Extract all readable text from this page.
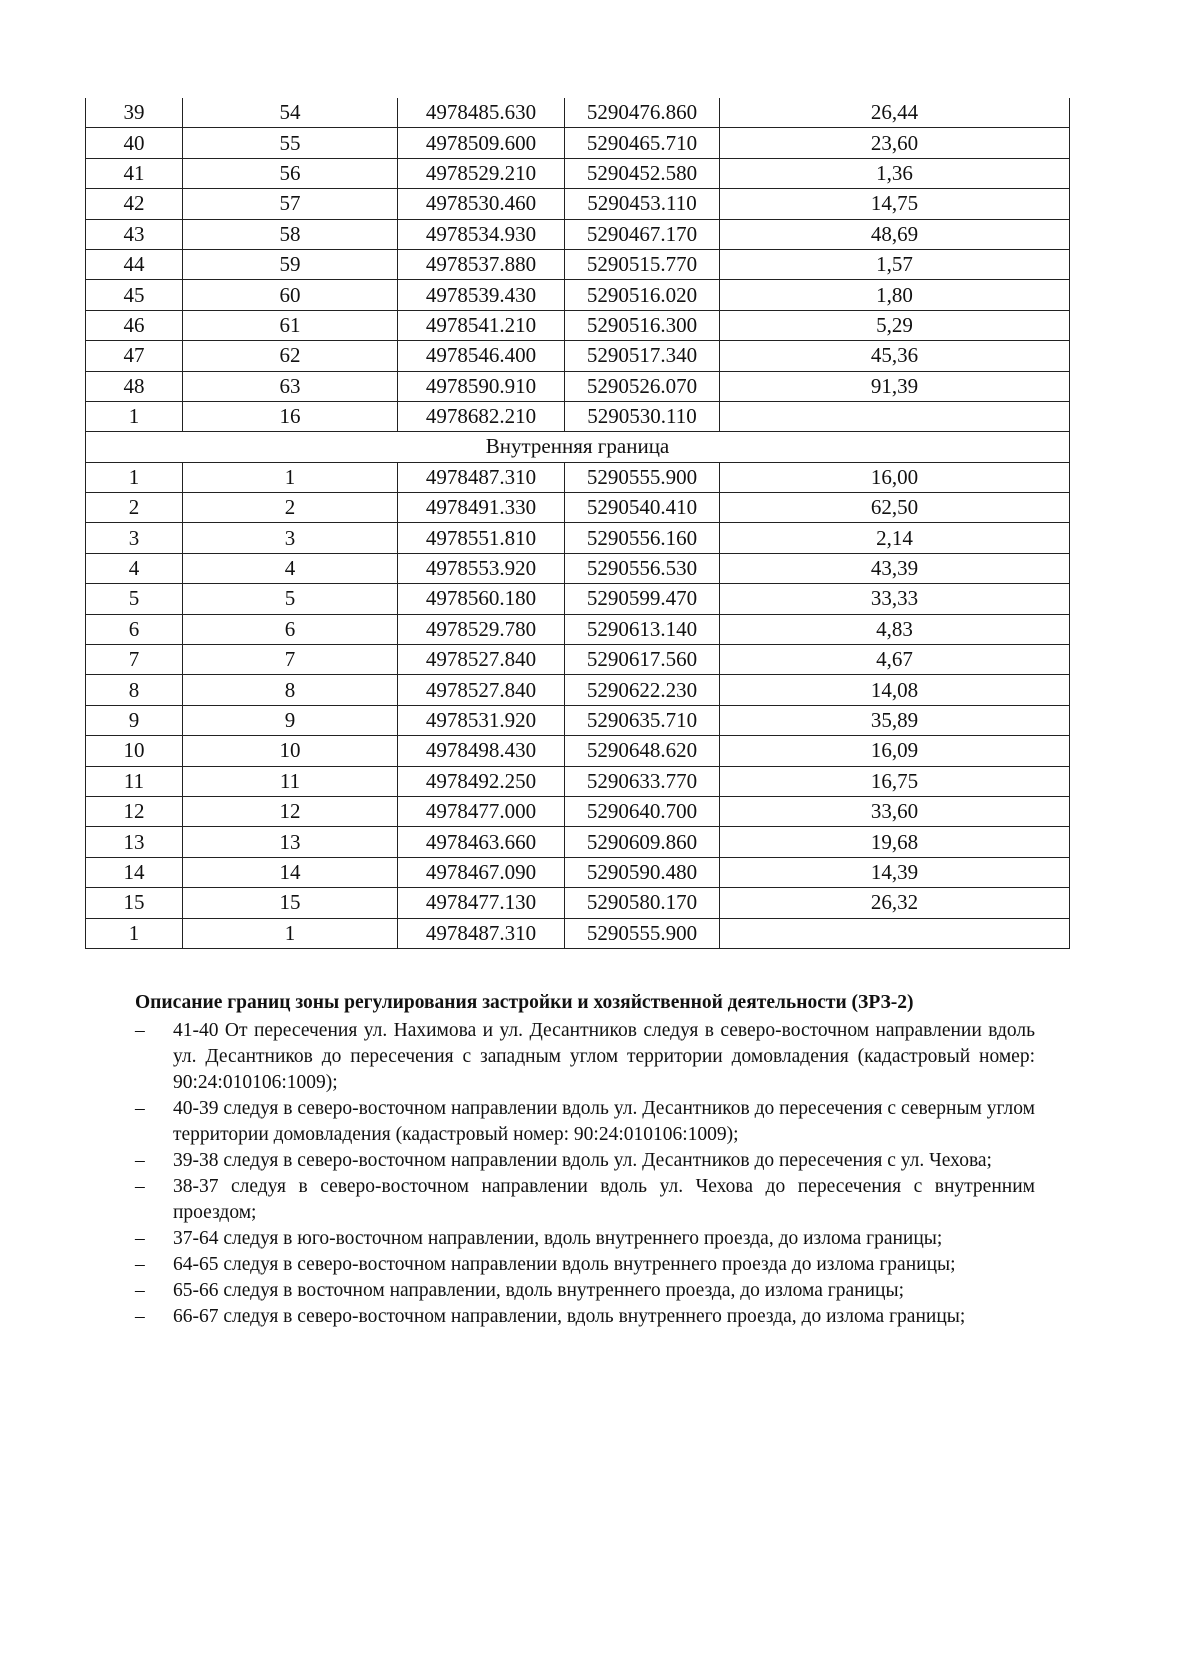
39	54	4978485.630	5290476.860	26,44
40	55	4978509.600	5290465.710	23,60
41	56	4978529.210	5290452.580	1,36
42	57	4978530.460	5290453.110	14,75
43	58	4978534.930	5290467.170	48,69
44	59	4978537.880	5290515.770	1,57
45	60	4978539.430	5290516.020	1,80
46	61	4978541.210	5290516.300	5,29
47	62	4978546.400	5290517.340	45,36
48	63	4978590.910	5290526.070	91,39
1	16	4978682.210	5290530.110	
Внутренняя граница				
1	1	4978487.310	5290555.900	16,00
2	2	4978491.330	5290540.410	62,50
3	3	4978551.810	5290556.160	2,14
4	4	4978553.920	5290556.530	43,39
5	5	4978560.180	5290599.470	33,33
6	6	4978529.780	5290613.140	4,83
7	7	4978527.840	5290617.560	4,67
8	8	4978527.840	5290622.230	14,08
9	9	4978531.920	5290635.710	35,89
10	10	4978498.430	5290648.620	16,09
11	11	4978492.250	5290633.770	16,75
12	12	4978477.000	5290640.700	33,60
13	13	4978463.660	5290609.860	19,68
14	14	4978467.090	5290590.480	14,39
15	15	4978477.130	5290580.170	26,32
1	1	4978487.310	5290555.900	
Описание границ зоны регулирования застройки и хозяйственной деятельности (ЗРЗ-2)
– 41-40 От пересечения ул. Нахимова и ул. Десантников следуя в северо-восточном направлении вдоль ул. Десантников до пересечения с западным углом территории домовладения (кадастровый номер: 90:24:010106:1009);
– 40-39 следуя в северо-восточном направлении вдоль ул. Десантников до пересечения с северным углом территории домовладения (кадастровый номер: 90:24:010106:1009);
– 39-38 следуя в северо-восточном направлении вдоль ул. Десантников до пересечения с ул. Чехова;
– 38-37 следуя в северо-восточном направлении вдоль ул. Чехова до пересечения с внутренним проездом;
– 37-64 следуя в юго-восточном направлении, вдоль внутреннего проезда, до излома границы;
– 64-65 следуя в северо-восточном направлении вдоль внутреннего проезда до излома границы;
– 65-66 следуя в восточном направлении, вдоль внутреннего проезда, до излома границы;
– 66-67 следуя в северо-восточном направлении, вдоль внутреннего проезда, до излома границы;
